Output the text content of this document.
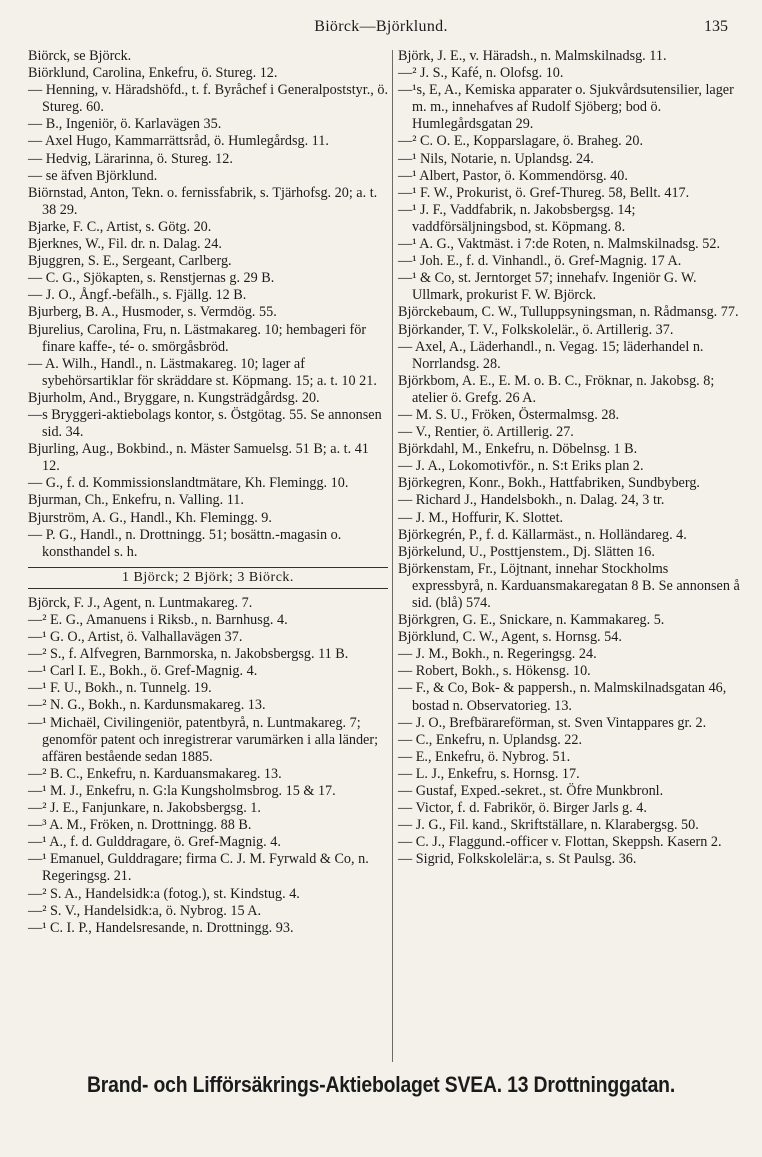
Biörck—Björklund.	135

Biörck, se Björck.

Biörklund, Carolina, Enkefru, ö. Stureg. 12.

— Henning, v. Häradshöfd., t. f. Byråchef i Generalpoststyr., ö. Stureg. 60.

— B., Ingeniör, ö. Karlavägen 35.

— Axel Hugo, Kammarrättsråd, ö. Humlegårdsg. 11.

— Hedvig, Lärarinna, ö. Stureg. 12.

— se äfven Björklund.

Biörnstad, Anton, Tekn. o. fernissfabrik, s. Tjärhofsg. 20; a. t. 38 29.

Bjarke, F. C., Artist, s. Götg. 20.

Bjerknes, W., Fil. dr. n. Dalag. 24.

Bjuggren, S. E., Sergeant, Carlberg.

— C. G., Sjökapten, s. Renstjernas g. 29 B.

— J. O., Ångf.-befälh., s. Fjällg. 12 B.

Bjurberg, B. A., Husmoder, s. Vermdög. 55.

Bjurelius, Carolina, Fru, n. Lästmakareg. 10; hembageri för finare kaffe-, té- o. smörgåsbröd.

— A. Wilh., Handl., n. Lästmakareg. 10; lager af sybehörsartiklar för skräddare st. Köpmang. 15; a. t. 10 21.

Bjurholm, And., Bryggare, n. Kungsträdgårdsg. 20.

—s Bryggeri-aktiebolags kontor, s. Östgötag. 55. Se annonsen sid. 34.

Bjurling, Aug., Bokbind., n. Mäster Samuelsg. 51 B; a. t. 41 12.

— G., f. d. Kommissionslandtmätare, Kh. Flemingg. 10.

Bjurman, Ch., Enkefru, n. Valling. 11.

Bjurström, A. G., Handl., Kh. Flemingg. 9.

— P. G., Handl., n. Drottningg. 51; bosättn.-magasin o. konsthandel s. h.

1 Björck; 2 Björk; 3 Biörck.

Björck, F. J., Agent, n. Luntmakareg. 7.

—² E. G., Amanuens i Riksb., n. Barnhusg. 4.

—¹ G. O., Artist, ö. Valhallavägen 37.

—² S., f. Alfvegren, Barnmorska, n. Jakobsbergsg. 11 B.

—¹ Carl I. E., Bokh., ö. Gref-Magnig. 4.

—¹ F. U., Bokh., n. Tunnelg. 19.

—² N. G., Bokh., n. Kardunsmakareg. 13.

—¹ Michaël, Civilingeniör, patentbyrå, n. Luntmakareg. 7; genomför patent och inregistrerar varumärken i alla länder; affären bestående sedan 1885.

—² B. C., Enkefru, n. Karduansmakareg. 13.

—¹ M. J., Enkefru, n. G:la Kungsholmsbrog. 15 & 17.

—² J. E., Fanjunkare, n. Jakobsbergsg. 1.

—³ A. M., Fröken, n. Drottningg. 88 B.

—¹ A., f. d. Gulddragare, ö. Gref-Magnig. 4.

—¹ Emanuel, Gulddragare; firma C. J. M. Fyrwald & Co, n. Regeringsg. 21.

—² S. A., Handelsidk:a (fotog.), st. Kindstug. 4.

—² S. V., Handelsidk:a, ö. Nybrog. 15 A.

—¹ C. I. P., Handelsresande, n. Drottningg. 93.

Björk, J. E., v. Häradsh., n. Malmskilnadsg. 11.

—² J. S., Kafé, n. Olofsg. 10.

—¹s, E, A., Kemiska apparater o. Sjukvårdsutensilier, lager m. m., innehafves af Rudolf Sjöberg; bod ö. Humlegårdsgatan 29.

—² C. O. E., Kopparslagare, ö. Braheg. 20.

—¹ Nils, Notarie, n. Uplandsg. 24.

—¹ Albert, Pastor, ö. Kommendörsg. 40.

—¹ F. W., Prokurist, ö. Gref-Thureg. 58, Bellt. 417.

—¹ J. F., Vaddfabrik, n. Jakobsbergsg. 14; vaddförsäljningsbod, st. Köpmang. 8.

—¹ A. G., Vaktmäst. i 7:de Roten, n. Malmskilnadsg. 52.

—¹ Joh. E., f. d. Vinhandl., ö. Gref-Magnig. 17 A.

—¹ & Co, st. Jerntorget 57; innehafv. Ingeniör G. W. Ullmark, prokurist F. W. Björck.

Björckebaum, C. W., Tulluppsyningsman, n. Rådmansg. 77.

Björkander, T. V., Folkskolelär., ö. Artillerig. 37.

— Axel, A., Läderhandl., n. Vegag. 15; läderhandel n. Norrlandsg. 28.

Björkbom, A. E., E. M. o. B. C., Fröknar, n. Jakobsg. 8; atelier ö. Grefg. 26 A.

— M. S. U., Fröken, Östermalmsg. 28.

— V., Rentier, ö. Artillerig. 27.

Björkdahl, M., Enkefru, n. Döbelnsg. 1 B.

— J. A., Lokomotivför., n. S:t Eriks plan 2.

Björkegren, Konr., Bokh., Hattfabriken, Sundbyberg.

— Richard J., Handelsbokh., n. Dalag. 24, 3 tr.

— J. M., Hoffurir, K. Slottet.

Björkegrén, P., f. d. Källarmäst., n. Holländareg. 4.

Björkelund, U., Posttjenstem., Dj. Slätten 16.

Björkenstam, Fr., Löjtnant, innehar Stockholms expressbyrå, n. Karduansmakaregatan 8 B. Se annonsen å sid. (blå) 574.

Björkgren, G. E., Snickare, n. Kammakareg. 5.

Björklund, C. W., Agent, s. Hornsg. 54.

— J. M., Bokh., n. Regeringsg. 24.

— Robert, Bokh., s. Hökensg. 10.

— F., & Co, Bok- & pappersh., n. Malmskilnadsgatan 46, bostad n. Observatorieg. 13.

— J. O., Brefbärareförman, st. Sven Vintappares gr. 2.

— C., Enkefru, n. Uplandsg. 22.

— E., Enkefru, ö. Nybrog. 51.

— L. J., Enkefru, s. Hornsg. 17.

— Gustaf, Exped.-sekret., st. Öfre Munkbronl.

— Victor, f. d. Fabrikör, ö. Birger Jarls g. 4.

— J. G., Fil. kand., Skriftställare, n. Klarabergsg. 50.

— C. J., Flaggund.-officer v. Flottan, Skeppsh. Kasern 2.

— Sigrid, Folkskolelär:a, s. St Paulsg. 36.

Brand- och Lifförsäkrings-Aktiebolaget SVEA. 13 Drottninggatan.
